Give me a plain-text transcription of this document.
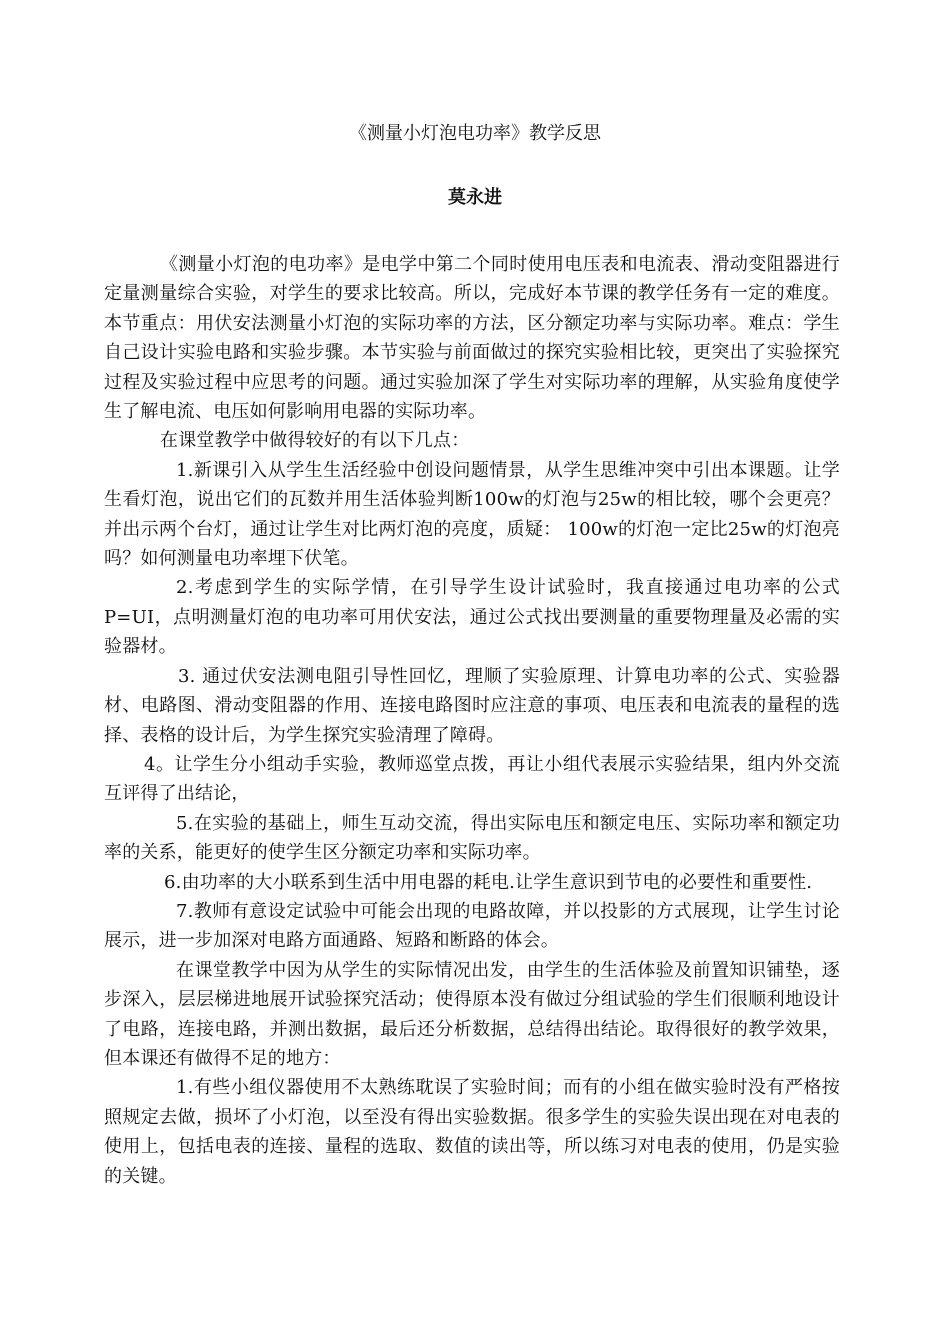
《测量小灯泡电功率》教学反思
莫永进

《测量小灯泡的电功率》是电学中第二个同时使用电压表和电流表、滑动变阻器进行定量测量综合实验，对学生的要求比较高。所以，完成好本节课的教学任务有一定的难度。本节重点：用伏安法测量小灯泡的实际功率的方法，区分额定功率与实际功率。难点：学生自己设计实验电路和实验步骤。本节实验与前面做过的探究实验相比较，更突出了实验探究过程及实验过程中应思考的问题。通过实验加深了学生对实际功率的理解，从实验角度使学生了解电流、电压如何影响用电器的实际功率。

在课堂教学中做得较好的有以下几点：

1.新课引入从学生生活经验中创设问题情景，从学生思维冲突中引出本课题。让学生看灯泡，说出它们的瓦数并用生活体验判断100w的灯泡与25w的相比较，哪个会更亮？并出示两个台灯，通过让学生对比两灯泡的亮度，质疑： 100w的灯泡一定比25w的灯泡亮吗？如何测量电功率埋下伏笔。

2.考虑到学生的实际学情，在引导学生设计试验时，我直接通过电功率的公式P=UI，点明测量灯泡的电功率可用伏安法，通过公式找出要测量的重要物理量及必需的实验器材。

3. 通过伏安法测电阻引导性回忆，理顺了实验原理、计算电功率的公式、实验器材、电路图、滑动变阻器的作用、连接电路图时应注意的事项、电压表和电流表的量程的选择、表格的设计后，为学生探究实验清理了障碍。

4。让学生分小组动手实验，教师巡堂点拨，再让小组代表展示实验结果，组内外交流互评得了出结论，

5.在实验的基础上，师生互动交流，得出实际电压和额定电压、实际功率和额定功率的关系，能更好的使学生区分额定功率和实际功率。

6.由功率的大小联系到生活中用电器的耗电.让学生意识到节电的必要性和重要性.

7.教师有意设定试验中可能会出现的电路故障，并以投影的方式展现，让学生讨论展示，进一步加深对电路方面通路、短路和断路的体会。

在课堂教学中因为从学生的实际情况出发，由学生的生活体验及前置知识铺垫，逐步深入，层层梯进地展开试验探究活动；使得原本没有做过分组试验的学生们很顺利地设计了电路，连接电路，并测出数据，最后还分析数据，总结得出结论。取得很好的教学效果，但本课还有做得不足的地方：

1.有些小组仪器使用不太熟练耽误了实验时间；而有的小组在做实验时没有严格按照规定去做，损坏了小灯泡，以至没有得出实验数据。很多学生的实验失误出现在对电表的使用上，包括电表的连接、量程的选取、数值的读出等，所以练习对电表的使用，仍是实验的关键。
